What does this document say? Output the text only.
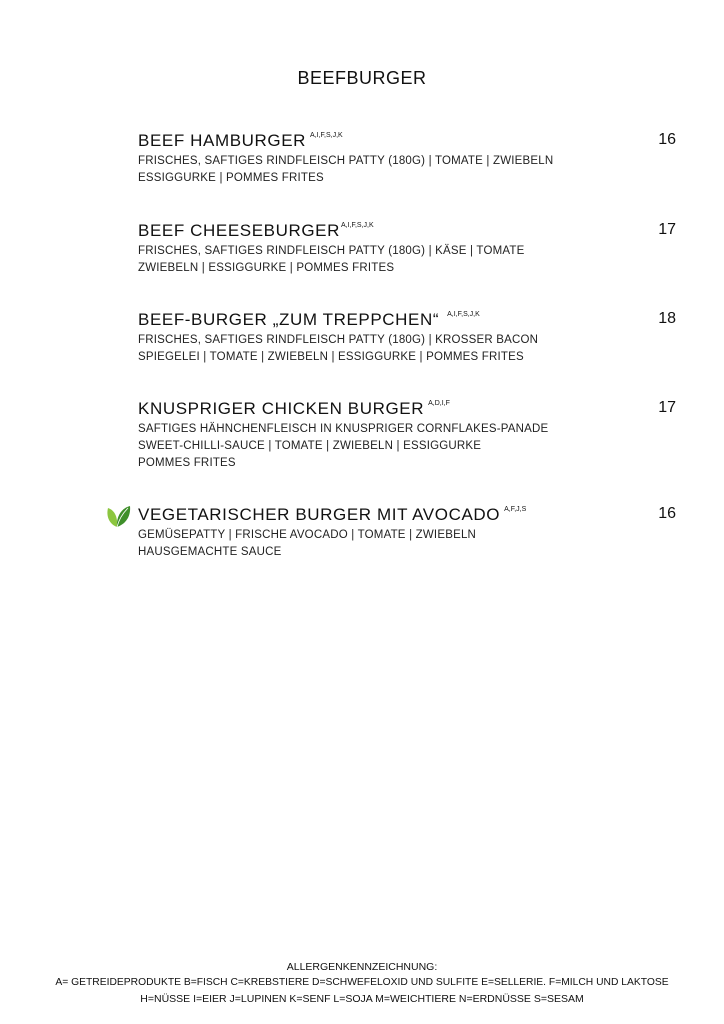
BEEFBURGER
BEEF HAMBURGER $^{A,I,F,S,J,K}$	16
FRISCHES, SAFTIGES RINDFLEISCH PATTY (180G) | TOMATE | ZWIEBELN
ESSIGGURKE | POMMES FRITES
BEEF $CHEESEBURGER^{A,I,F,S,J,K}$	17
FRISCHES, SAFTIGES RINDFLEISCH PATTY (180G) | KÄSE | TOMATE
ZWIEBELN | ESSIGGURKE | POMMES FRITES
BEEF-BURGER „ZUM TREPPCHEN“ $^{A,I,F,S,J,K}$	18
FRISCHES, SAFTIGES RINDFLEISCH PATTY (180G) | KROSSER BACON
SPIEGELEI | TOMATE | ZWIEBELN | ESSIGGURKE | POMMES FRITES
KNUSPRIGER CHICKEN BURGER $^{A,D,I,F}$	17
SAFTIGES HÄHNCHENFLEISCH IN KNUSPRIGER CORNFLAKES-PANADE
SWEET-CHILLI-SAUCE | TOMATE | ZWIEBELN | ESSIGGURKE
POMMES FRITES
VEGETARISCHER BURGER MIT AVOCADO $^{A,F,J,S}$	16
GEMÜSEPATTY | FRISCHE AVOCADO | TOMATE | ZWIEBELN
HAUSGEMACHTE SAUCE
ALLERGENKENNZEICHNUNG:
A= GETREIDEPRODUKTE B=FISCH C=KREBSTIERE D=SCHWEFELOXID UND SULFITE E=SELLERIE. F=MILCH UND LAKTOSE
H=NÜSSE I=EIER J=LUPINEN K=SENF L=SOJA M=WEICHTIERE N=ERDNÜSSE S=SESAM
